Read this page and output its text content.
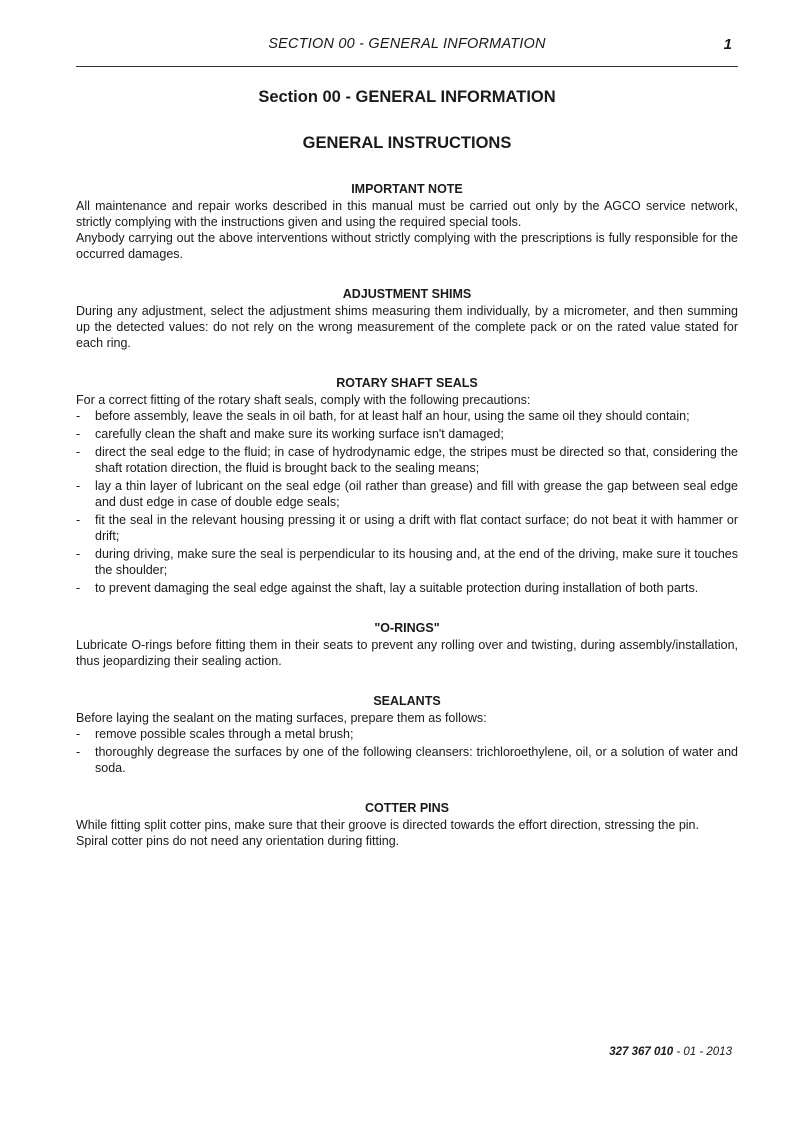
SECTION 00 - GENERAL INFORMATION	1
Section 00 - GENERAL INFORMATION
GENERAL INSTRUCTIONS
IMPORTANT NOTE

All maintenance and repair works described in this manual must be carried out only by the AGCO service network, strictly complying with the instructions given and using the required special tools.

Anybody carrying out the above interventions without strictly complying with the prescriptions is fully responsible for the occurred damages.

ADJUSTMENT SHIMS

During any adjustment, select the adjustment shims measuring them individually, by a micrometer, and then summing up the detected values: do not rely on the wrong measurement of the complete pack or on the rated value stated for each ring.

ROTARY SHAFT SEALS

For a correct fitting of the rotary shaft seals, comply with the following precautions:

- before assembly, leave the seals in oil bath, for at least half an hour, using the same oil they should contain;
- carefully clean the shaft and make sure its working surface isn't damaged;
- direct the seal edge to the fluid; in case of hydrodynamic edge, the stripes must be directed so that, considering the shaft rotation direction, the fluid is brought back to the sealing means;
- lay a thin layer of lubricant on the seal edge (oil rather than grease) and fill with grease the gap between seal edge and dust edge in case of double edge seals;
- fit the seal in the relevant housing pressing it or using a drift with flat contact surface; do not beat it with hammer or drift;
- during driving, make sure the seal is perpendicular to its housing and, at the end of the driving, make sure it touches the shoulder;
- to prevent damaging the seal edge against the shaft, lay a suitable protection during installation of both parts.
"O-RINGS"

Lubricate O-rings before fitting them in their seats to prevent any rolling over and twisting, during assembly/installation, thus jeopardizing their sealing action.

SEALANTS

Before laying the sealant on the mating surfaces, prepare them as follows:

- remove possible scales through a metal brush;
- thoroughly degrease the surfaces by one of the following cleansers: trichloroethylene, oil, or a solution of water and soda.
COTTER PINS

While fitting split cotter pins, make sure that their groove is directed towards the effort direction, stressing the pin.

Spiral cotter pins do not need any orientation during fitting.

327 367 010 - 01 - 2013
